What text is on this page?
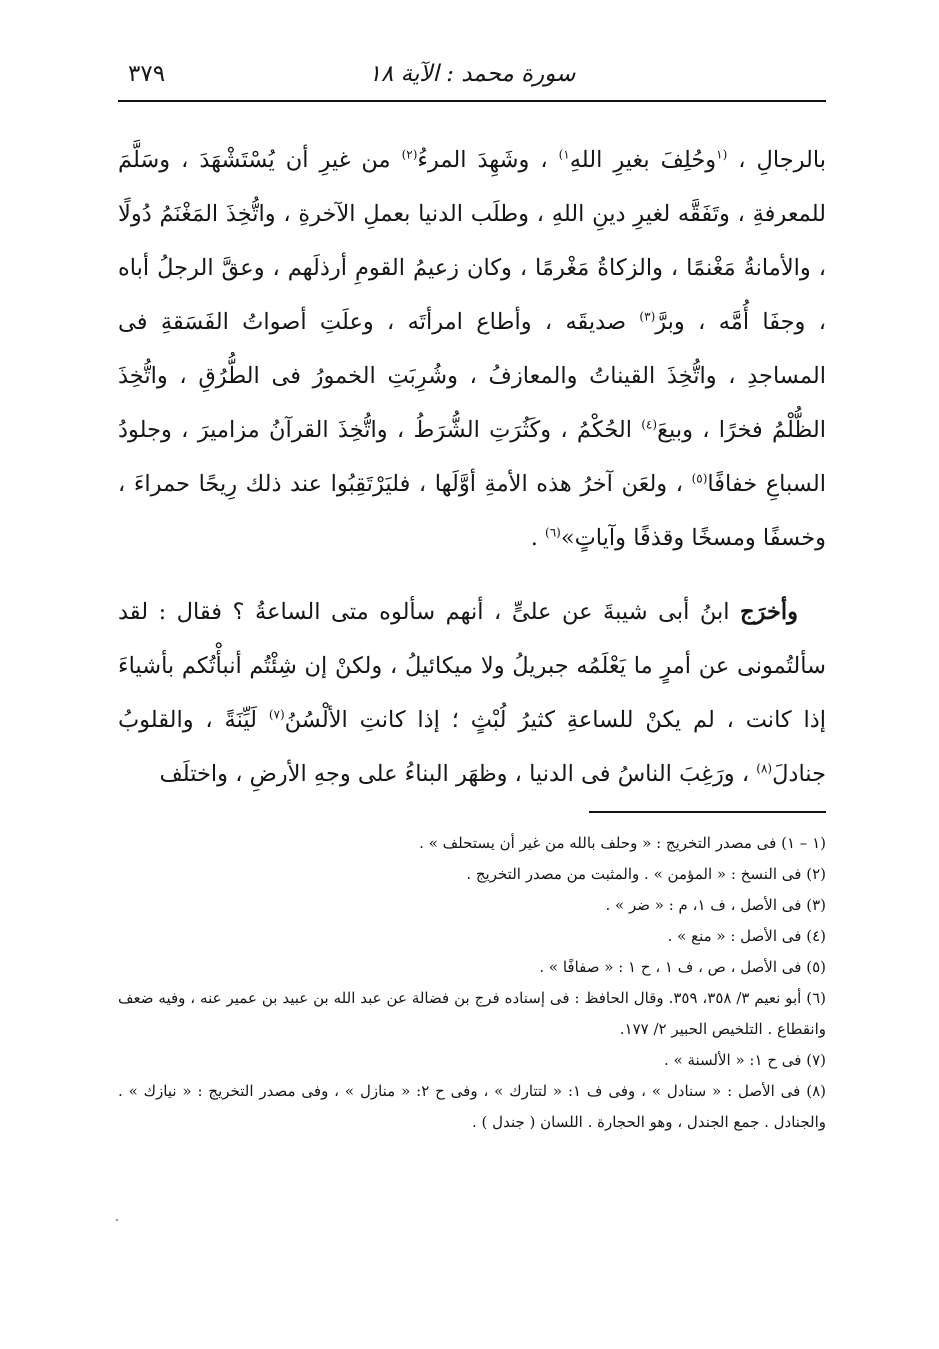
٣٧٩	سورة محمد : الآية ١٨

بالرجالِ ، $^{(١}$وحُلِفَ بغيرِ اللهِ$^{١)}$ ، وشَهِدَ المرءُ$^{(٢)}$ من غيرِ أن يُسْتَشْهَدَ ، وسَلَّمَ للمعرفةِ ، وتَفَقَّه لغيرِ دينِ اللهِ ، وطلَب الدنيا بعملِ الآخرةِ ، واتُّخِذَ المَغْنَمُ دُولًا ، والأمانةُ مَغْنمًا ، والزكاةُ مَغْرمًا ، وكان زعيمُ القومِ أرذلَهم ، وعقَّ الرجلُ أباه ، وجفَا أُمَّه ، وبرَّ$^{(٣)}$ صديقَه ، وأطاع امرأتَه ، وعلَتِ أصواتُ الفَسَقةِ فى المساجدِ ، واتُّخِذَ القيناتُ والمعازفُ ، وشُرِبَتِ الخمورُ فى الطُّرُقِ ، واتُّخِذَ الظُّلْمُ فخرًا ، وبيعَ$^{(٤)}$ الحُكْمُ ، وكَثُرَتِ الشُّرَطُ ، واتُّخِذَ القرآنُ مزاميرَ ، وجلودُ السباعِ خفافًا$^{(٥)}$ ، ولعَن آخرُ هذه الأمةِ أوَّلَها ، فليَرْتَقِبُوا عند ذلك رِيحًا حمراءَ ، وخسفًا ومسخًا وقذفًا وآياتٍ»$^{(٦)}$ .

وأخرَج ابنُ أبى شيبةَ عن علىٍّ ، أنهم سألوه متى الساعةُ ؟ فقال : لقد سألتُمونى عن أمرٍ ما يَعْلَمُه جبريلُ ولا ميكائيلُ ، ولكنْ إن شِئْتُم أنبأْتُكم بأشياءَ إذا كانت ، لم يكنْ للساعةِ كثيرُ لُبْثٍ ؛ إذا كانتِ الألْسُنُ$^{(٧)}$ لَيِّنَةً ، والقلوبُ جنادلَ$^{(٨)}$ ، ورَغِبَ الناسُ فى الدنيا ، وظهَر البناءُ على وجهِ الأرضِ ، واختلَف

(١ – ١) فى مصدر التخريج : « وحلف بالله من غير أن يستحلف » .
(٢) فى النسخ : « المؤمن » . والمثبت من مصدر التخريج .
(٣) فى الأصل ، ف ١، م : « ضر » .
(٤) فى الأصل : « منع » .
(٥) فى الأصل ، ص ، ف ١ ، ح ١ : « صفافًا » .
(٦) أبو نعيم ٣/ ٣٥٨، ٣٥٩. وقال الحافظ : فى إسناده فرج بن فضالة عن عبد الله بن عبيد بن عمير عنه ، وفيه ضعف وانقطاع . التلخيص الحبير ٢/ ١٧٧.
(٧) فى ح ١: « الألسنة » .
(٨) فى الأصل : « سنادل » ، وفى ف ١: « لتتارك » ، وفى ح ٢: « منازل » ، وفى مصدر التخريج : « نيازك » . والجنادل . جمع الجندل ، وهو الحجارة . اللسان ( جندل ) .
